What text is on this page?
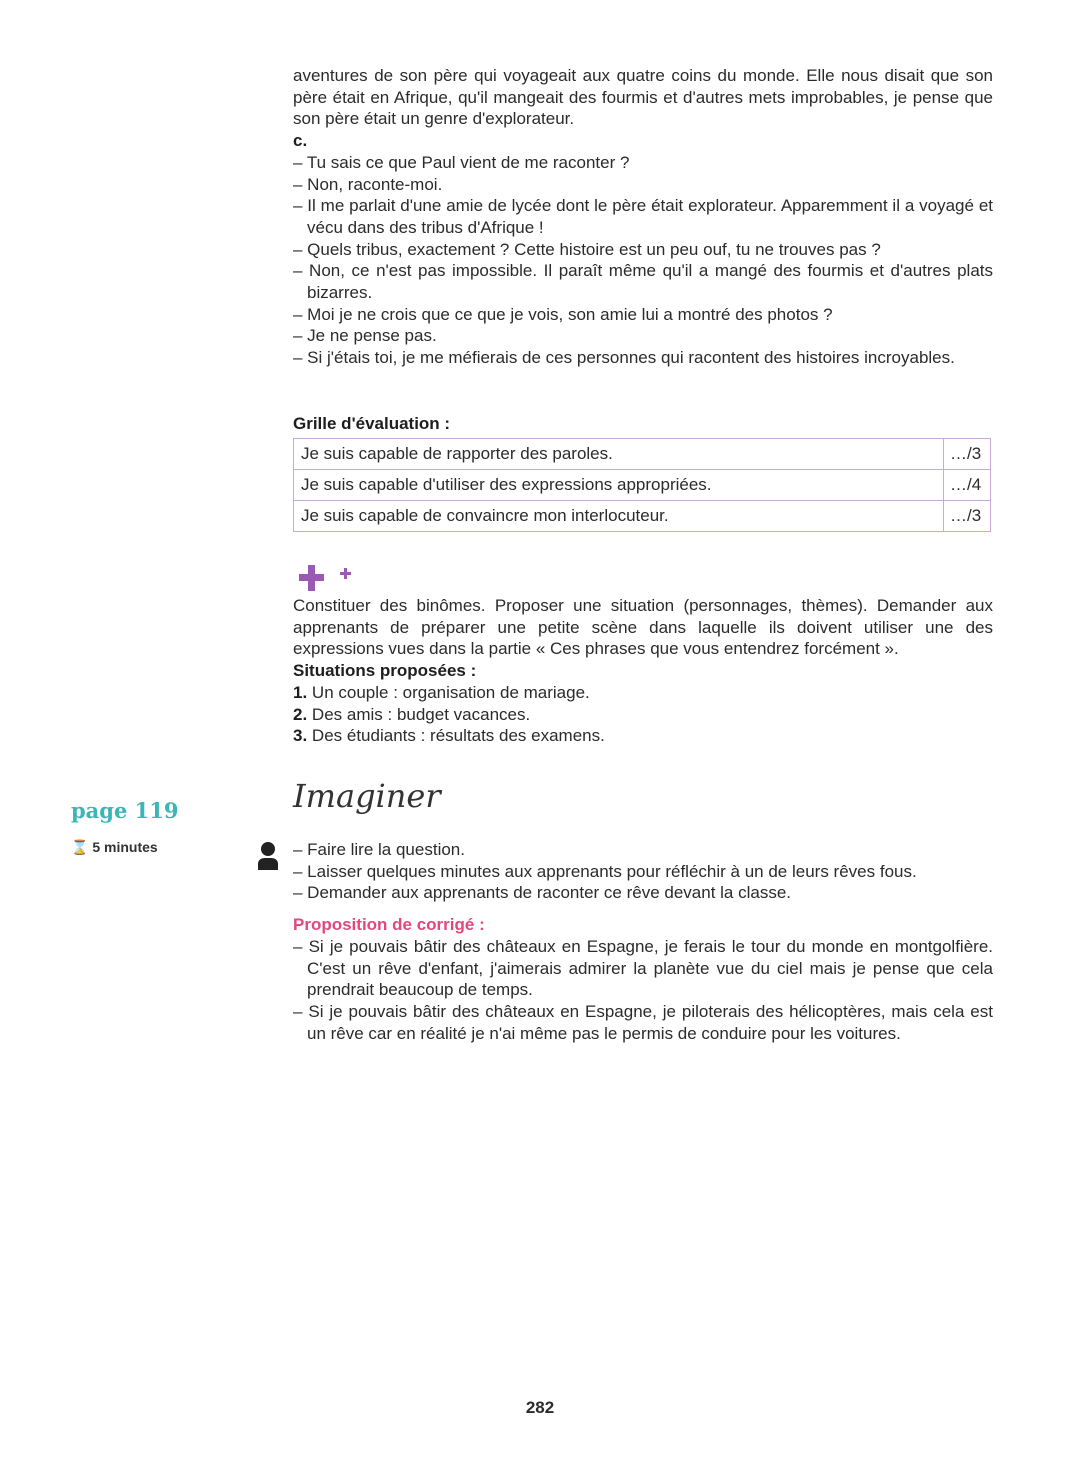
aventures de son père qui voyageait aux quatre coins du monde. Elle nous disait que son père était en Afrique, qu'il mangeait des fourmis et d'autres mets improbables, je pense que son père était un genre d'explorateur.

c.
– Tu sais ce que Paul vient de me raconter ?
– Non, raconte-moi.
– Il me parlait d'une amie de lycée dont le père était explorateur. Apparemment il a voyagé et vécu dans des tribus d'Afrique !
– Quels tribus, exactement ? Cette histoire est un peu ouf, tu ne trouves pas ?
– Non, ce n'est pas impossible. Il paraît même qu'il a mangé des fourmis et d'autres plats bizarres.
– Moi je ne crois que ce que je vois, son amie lui a montré des photos ?
– Je ne pense pas.
– Si j'étais toi, je me méfierais de ces personnes qui racontent des histoires incroyables.
Grille d'évaluation :
Je suis capable de rapporter des paroles.	…/3
Je suis capable d'utiliser des expressions appropriées.	…/4
Je suis capable de convaincre mon interlocuteur.	…/3

Constituer des binômes. Proposer une situation (personnages, thèmes). Demander aux apprenants de préparer une petite scène dans laquelle ils doivent utiliser une des expressions vues dans la partie « Ces phrases que vous entendrez forcément ».

Situations proposées :
1. Un couple : organisation de mariage.
2. Des amis : budget vacances.
3. Des étudiants : résultats des examens.
page 119
⌛ 5 minutes
Imaginer
– Faire lire la question.
– Laisser quelques minutes aux apprenants pour réfléchir à un de leurs rêves fous.
– Demander aux apprenants de raconter ce rêve devant la classe.
Proposition de corrigé :
– Si je pouvais bâtir des châteaux en Espagne, je ferais le tour du monde en montgolfière. C'est un rêve d'enfant, j'aimerais admirer la planète vue du ciel mais je pense que cela prendrait beaucoup de temps.
– Si je pouvais bâtir des châteaux en Espagne, je piloterais des hélicoptères, mais cela est un rêve car en réalité je n'ai même pas le permis de conduire pour les voitures.
282
